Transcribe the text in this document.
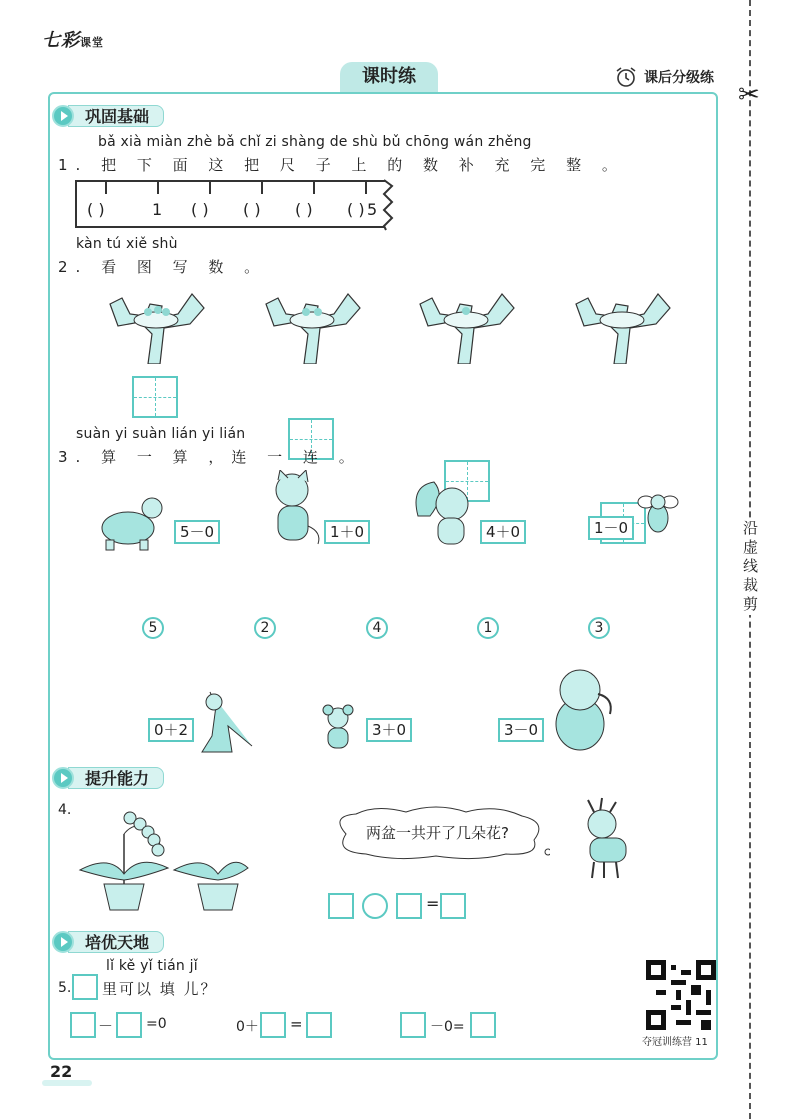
七彩课堂
课时练	课后分级练
✂
沿虚线裁剪
巩固基础
bǎ xià miàn zhè bǎ chǐ zi shàng de shù bǔ chōng wán zhěng
1. 把 下 面 这 把 尺 子 上 的 数 补 充 完 整 。
( )	1 ( ) ( ) ( ) ( ) 5
kàn tú xiě shù
2. 看 图 写 数 。
suàn yi suàn lián yi lián
3. 算 一 算 ，连 一 连 。
5－0	1＋0	4＋0	1－0
5	2	4	1	3
0＋2	3＋0	3－0
提升能力
4.
两盆一共开了几朵花?
=
培优天地
lǐ kě yǐ tián jǐ
5. 里可以 填 儿？
－ =0	0＋ =	－0=
夺冠训练营 11
22
